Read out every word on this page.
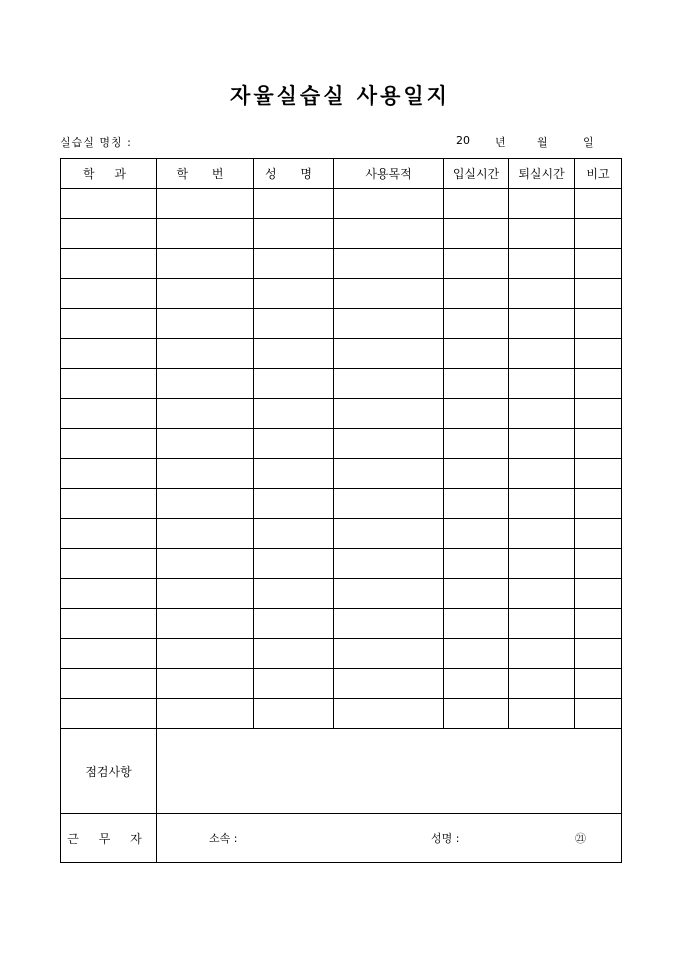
자율실습실 사용일지
실습실 명칭 :	20 년	월	일
학 과	학 번	성 명	사용목적	입실시간	퇴실시간	비고

점검사항						
근 무 자	소속 : 성명 : ㉑					
